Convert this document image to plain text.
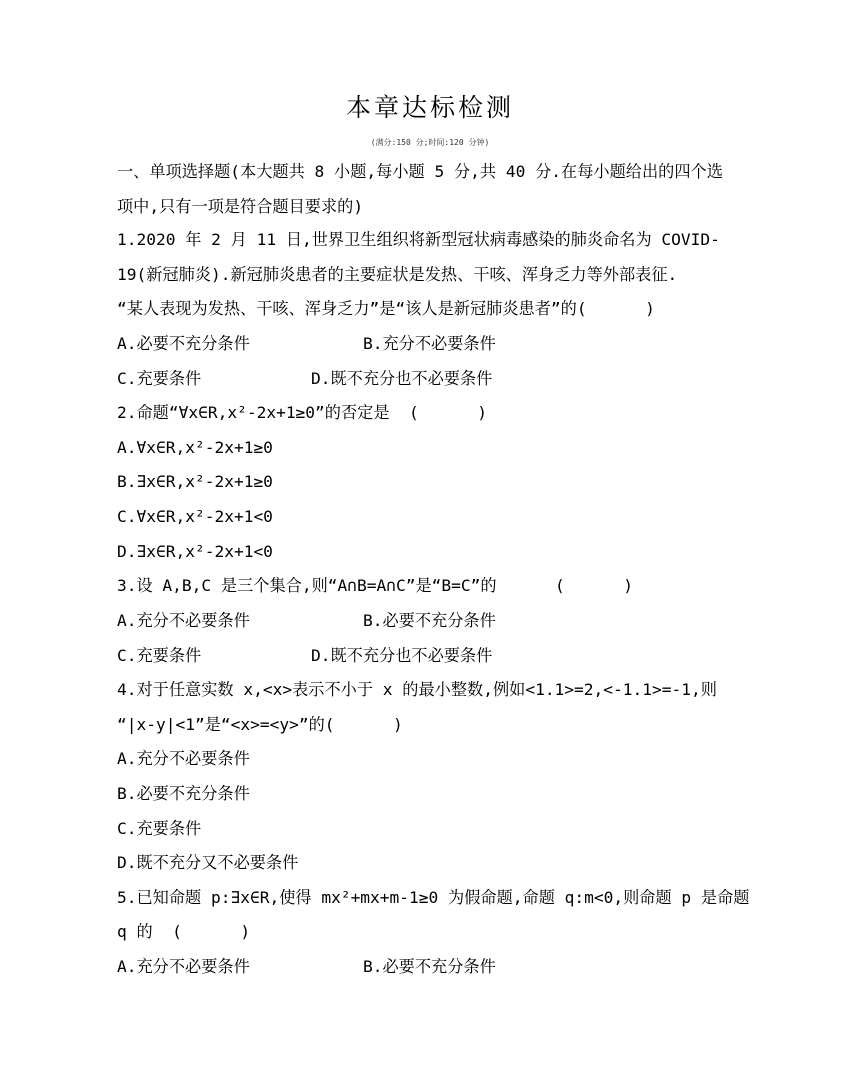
本章达标检测
(满分:150 分;时间:120 分钟)
一、单项选择题(本大题共 8 小题,每小题 5 分,共 40 分.在每小题给出的四个选
项中,只有一项是符合题目要求的)
1.2020 年 2 月 11 日,世界卫生组织将新型冠状病毒感染的肺炎命名为 COVID-
19(新冠肺炎).新冠肺炎患者的主要症状是发热、干咳、浑身乏力等外部表征.
“某人表现为发热、干咳、浑身乏力”是“该人是新冠肺炎患者”的(      )
A.必要不充分条件	B.充分不必要条件
C.充要条件	D.既不充分也不必要条件
2.命题“∀x∈R,x²-2x+1≥0”的否定是  (      )
A.∀x∈R,x²-2x+1≥0
B.∃x∈R,x²-2x+1≥0
C.∀x∈R,x²-2x+1<0
D.∃x∈R,x²-2x+1<0
3.设 A,B,C 是三个集合,则“A∩B=A∩C”是“B=C”的      (      )
A.充分不必要条件	B.必要不充分条件
C.充要条件	D.既不充分也不必要条件
4.对于任意实数 x,<x>表示不小于 x 的最小整数,例如<1.1>=2,<-1.1>=-1,则
“|x-y|<1”是“<x>=<y>”的(      )
A.充分不必要条件
B.必要不充分条件
C.充要条件
D.既不充分又不必要条件
5.已知命题 p:∃x∈R,使得 mx²+mx+m-1≥0 为假命题,命题 q:m<0,则命题 p 是命题
q 的  (      )
A.充分不必要条件	B.必要不充分条件
